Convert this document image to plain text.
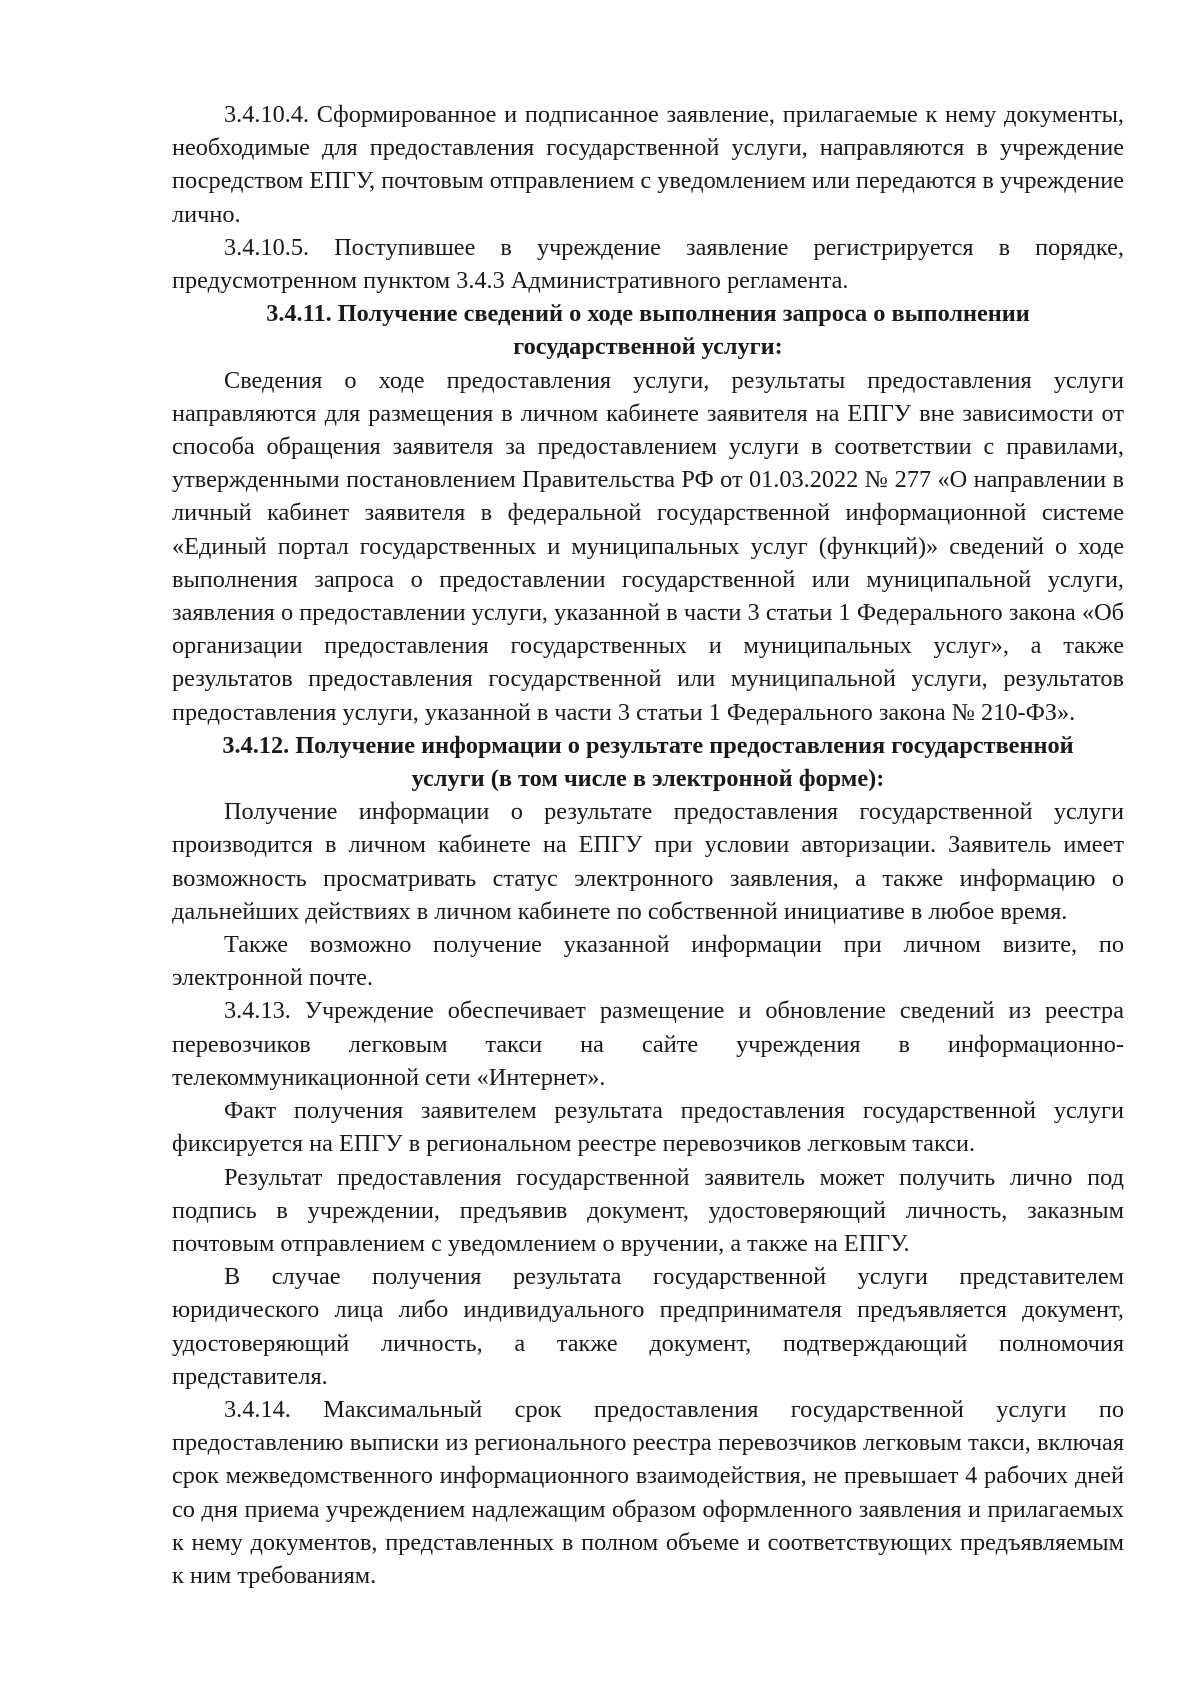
3.4.10.4. Сформированное и подписанное заявление, прилагаемые к нему документы, необходимые для предоставления государственной услуги, направляются в учреждение посредством ЕПГУ, почтовым отправлением с уведомлением или передаются в учреждение лично.

3.4.10.5. Поступившее в учреждение заявление регистрируется в порядке, предусмотренном пунктом 3.4.3 Административного регламента.

3.4.11. Получение сведений о ходе выполнения запроса о выполнении государственной услуги:

Сведения о ходе предоставления услуги, результаты предоставления услуги направляются для размещения в личном кабинете заявителя на ЕПГУ вне зависимости от способа обращения заявителя за предоставлением услуги в соответствии с правилами, утвержденными постановлением Правительства РФ от 01.03.2022 № 277 «О направлении в личный кабинет заявителя в федеральной государственной информационной системе «Единый портал государственных и муниципальных услуг (функций)» сведений о ходе выполнения запроса о предоставлении государственной или муниципальной услуги, заявления о предоставлении услуги, указанной в части 3 статьи 1 Федерального закона «Об организации предоставления государственных и муниципальных услуг», а также результатов предоставления государственной или муниципальной услуги, результатов предоставления услуги, указанной в части 3 статьи 1 Федерального закона № 210-ФЗ».

3.4.12. Получение информации о результате предоставления государственной услуги (в том числе в электронной форме):

Получение информации о результате предоставления государственной услуги производится в личном кабинете на ЕПГУ при условии авторизации. Заявитель имеет возможность просматривать статус электронного заявления, а также информацию о дальнейших действиях в личном кабинете по собственной инициативе в любое время.

Также возможно получение указанной информации при личном визите, по электронной почте.

3.4.13. Учреждение обеспечивает размещение и обновление сведений из реестра перевозчиков легковым такси на сайте учреждения в информационно-телекоммуникационной сети «Интернет».

Факт получения заявителем результата предоставления государственной услуги фиксируется на ЕПГУ в региональном реестре перевозчиков легковым такси.

Результат предоставления государственной заявитель может получить лично под подпись в учреждении, предъявив документ, удостоверяющий личность, заказным почтовым отправлением с уведомлением о вручении, а также на ЕПГУ.

В случае получения результата государственной услуги представителем юридического лица либо индивидуального предпринимателя предъявляется документ, удостоверяющий личность, а также документ, подтверждающий полномочия представителя.

3.4.14. Максимальный срок предоставления государственной услуги по предоставлению выписки из регионального реестра перевозчиков легковым такси, включая срок межведомственного информационного взаимодействия, не превышает 4 рабочих дней со дня приема учреждением надлежащим образом оформленного заявления и прилагаемых к нему документов, представленных в полном объеме и соответствующих предъявляемым к ним требованиям.
